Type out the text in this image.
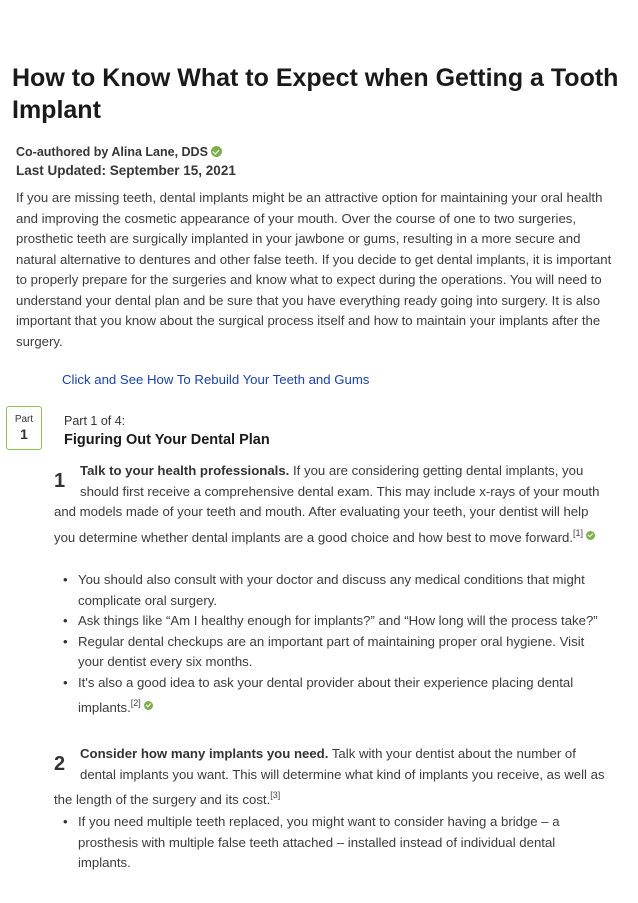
How to Know What to Expect when Getting a Tooth Implant
Co-authored by Alina Lane, DDS
Last Updated: September 15, 2021

If you are missing teeth, dental implants might be an attractive option for maintaining your oral health and improving the cosmetic appearance of your mouth. Over the course of one to two surgeries, prosthetic teeth are surgically implanted in your jawbone or gums, resulting in a more secure and natural alternative to dentures and other false teeth. If you decide to get dental implants, it is important to properly prepare for the surgeries and know what to expect during the operations. You will need to understand your dental plan and be sure that you have everything ready going into surgery. It is also important that you know about the surgical process itself and how to maintain your implants after the surgery.

Click and See How To Rebuild Your Teeth and Gums
Part
1
Part 1 of 4:
Figuring Out Your Dental Plan
1	Talk to your health professionals. If you are considering getting dental implants, you should first receive a comprehensive dental exam. This may include x-rays of your mouth and models made of your teeth and mouth. After evaluating your teeth, your dentist will help you determine whether dental implants are a good choice and how best to move forward.[1]
• You should also consult with your doctor and discuss any medical conditions that might complicate oral surgery.
• Ask things like “Am I healthy enough for implants?” and “How long will the process take?”
• Regular dental checkups are an important part of maintaining proper oral hygiene. Visit your dentist every six months.
• It's also a good idea to ask your dental provider about their experience placing dental implants.[2]
2	Consider how many implants you need. Talk with your dentist about the number of dental implants you want. This will determine what kind of implants you receive, as well as the length of the surgery and its cost.[3]
• If you need multiple teeth replaced, you might want to consider having a bridge – a prosthesis with multiple false teeth attached – installed instead of individual dental implants.
